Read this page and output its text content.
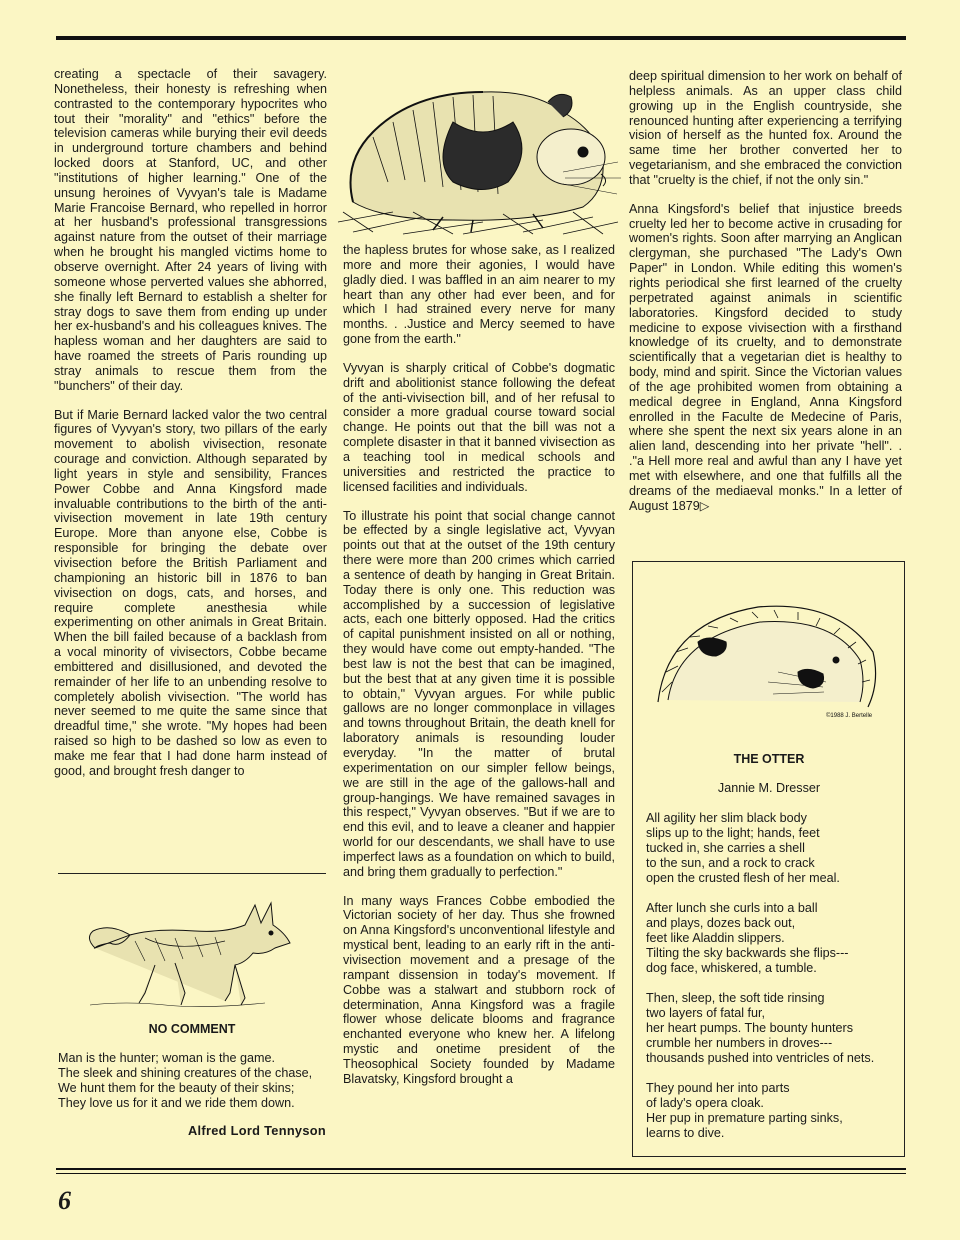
creating a spectacle of their savagery. Nonetheless, their honesty is refreshing when contrasted to the contemporary hypocrites who tout their "morality" and "ethics" before the television cameras while burying their evil deeds in underground torture chambers and behind locked doors at Stanford, UC, and other "institutions of higher learning." One of the unsung heroines of Vyvyan's tale is Madame Marie Francoise Bernard, who repelled in horror at her husband's professional transgressions against nature from the outset of their marriage when he brought his mangled victims home to observe overnight. After 24 years of living with someone whose perverted values she abhorred, she finally left Bernard to establish a shelter for stray dogs to save them from ending up under her ex-husband's and his colleagues knives. The hapless woman and her daughters are said to have roamed the streets of Paris rounding up stray animals to rescue them from the "bunchers" of their day.

But if Marie Bernard lacked valor the two central figures of Vyvyan's story, two pillars of the early movement to abolish vivisection, resonate courage and conviction. Although separated by light years in style and sensibility, Frances Power Cobbe and Anna Kingsford made invaluable contributions to the birth of the anti-vivisection movement in late 19th century Europe. More than anyone else, Cobbe is responsible for bringing the debate over vivisection before the British Parliament and championing an historic bill in 1876 to ban vivisection on dogs, cats, and horses, and require complete anesthesia while experimenting on other animals in Great Britain. When the bill failed because of a backlash from a vocal minority of vivisectors, Cobbe became embittered and disillusioned, and devoted the remainder of her life to an unbending resolve to completely abolish vivisection. "The world has never seemed to me quite the same since that dreadful time," she wrote. "My hopes had been raised so high to be dashed so low as even to make me fear that I had done harm instead of good, and brought fresh danger to

the hapless brutes for whose sake, as I realized more and more their agonies, I would have gladly died. I was baffled in an aim nearer to my heart than any other had ever been, and for which I had strained every nerve for many months. . .Justice and Mercy seemed to have gone from the earth."

Vyvyan is sharply critical of Cobbe's dogmatic drift and abolitionist stance following the defeat of the anti-vivisection bill, and of her refusal to consider a more gradual course toward social change. He points out that the bill was not a complete disaster in that it banned vivisection as a teaching tool in medical schools and universities and restricted the practice to licensed facilities and individuals.

To illustrate his point that social change cannot be effected by a single legislative act, Vyvyan points out that at the outset of the 19th century there were more than 200 crimes which carried a sentence of death by hanging in Great Britain. Today there is only one. This reduction was accomplished by a succession of legislative acts, each one bitterly opposed. Had the critics of capital punishment insisted on all or nothing, they would have come out empty-handed. "The best law is not the best that can be imagined, but the best that at any given time it is possible to obtain," Vyvyan argues. For while public gallows are no longer commonplace in villages and towns throughout Britain, the death knell for laboratory animals is resounding louder everyday. "In the matter of brutal experimentation on our simpler fellow beings, we are still in the age of the gallows-hall and group-hangings. We have remained savages in this respect," Vyvyan observes. "But if we are to end this evil, and to leave a cleaner and happier world for our descendants, we shall have to use imperfect laws as a foundation on which to build, and bring them gradually to perfection."

In many ways Frances Cobbe embodied the Victorian society of her day. Thus she frowned on Anna Kingsford's unconventional lifestyle and mystical bent, leading to an early rift in the anti-vivisection movement and a presage of the rampant dissension in today's movement. If Cobbe was a stalwart and stubborn rock of determination, Anna Kingsford was a fragile flower whose delicate blooms and fragrance enchanted everyone who knew her. A lifelong mystic and onetime president of the Theosophical Society founded by Madame Blavatsky, Kingsford brought a

deep spiritual dimension to her work on behalf of helpless animals. As an upper class child growing up in the English countryside, she renounced hunting after experiencing a terrifying vision of herself as the hunted fox. Around the same time her brother converted her to vegetarianism, and she embraced the conviction that "cruelty is the chief, if not the only sin."

Anna Kingsford's belief that injustice breeds cruelty led her to become active in crusading for women's rights. Soon after marrying an Anglican clergyman, she purchased "The Lady's Own Paper" in London. While editing this women's rights periodical she first learned of the cruelty perpetrated against animals in scientific laboratories. Kingsford decided to study medicine to expose vivisection with a firsthand knowledge of its cruelty, and to demonstrate scientifically that a vegetarian diet is healthy to body, mind and spirit. Since the Victorian values of the age prohibited women from obtaining a medical degree in England, Anna Kingsford enrolled in the Faculte de Medecine of Paris, where she spent the next six years alone in an alien land, descending into her private "hell". . ."a Hell more real and awful than any I have yet met with elsewhere, and one that fulfills all the dreams of the mediaeval monks." In a letter of August 1879▷

NO COMMENT
Man is the hunter; woman is the game.
The sleek and shining creatures of the chase,
We hunt them for the beauty of their skins;
They love us for it and we ride them down.
Alfred Lord Tennyson
©1988 J. Bertelle
THE OTTER
Jannie M. Dresser
All agility her slim black body
slips up to the light; hands, feet
tucked in, she carries a shell
to the sun, and a rock to crack
open the crusted flesh of her meal.
After lunch she curls into a ball
and plays, dozes back out,
feet like Aladdin slippers.
Tilting the sky backwards she flips---
dog face, whiskered, a tumble.
Then, sleep, the soft tide rinsing
two layers of fatal fur,
her heart pumps. The bounty hunters
crumble her numbers in droves---
thousands pushed into ventricles of nets.
They pound her into parts
of lady's opera cloak.
Her pup in premature parting sinks,
learns to dive.
6
